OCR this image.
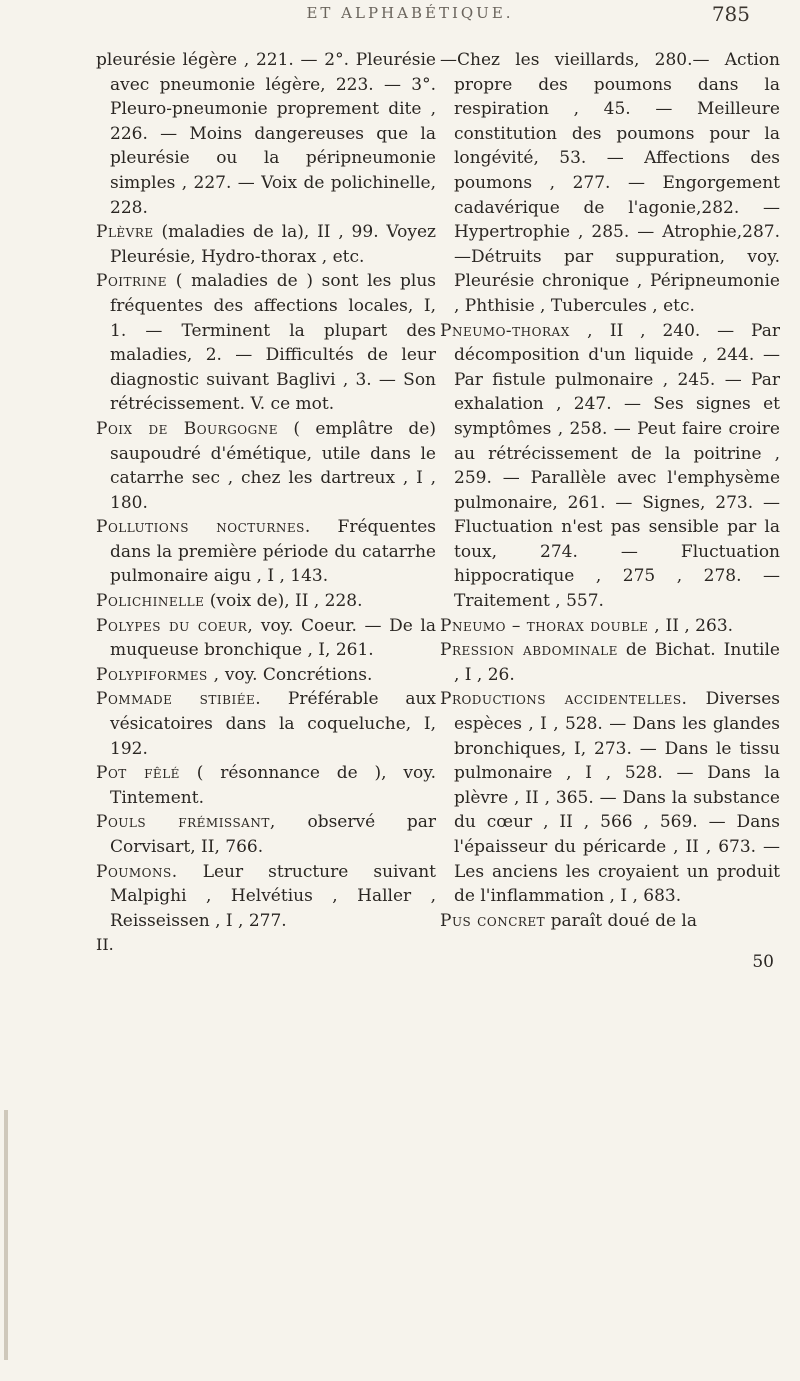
ET ALPHABÉTIQUE.	785

pleurésie légère , 221. — 2°. Pleurésie avec pneumonie légère, 223. — 3°. Pleuro-pneumonie proprement dite , 226. — Moins dangereuses que la pleurésie ou la péripneumonie simples , 227. — Voix de polichinelle, 228.

Plèvre (maladies de la), II , 99. Voyez Pleurésie, Hydro-thorax , etc.

Poitrine ( maladies de ) sont les plus fréquentes des affections locales, I, 1. — Terminent la plupart des maladies, 2. — Difficultés de leur diagnostic suivant Baglivi , 3. — Son rétrécissement. V. ce mot.

Poix de Bourgogne ( emplâtre de) saupoudré d'émétique, utile dans le catarrhe sec , chez les dartreux , I , 180.

Pollutions nocturnes. Fréquentes dans la première période du catarrhe pulmonaire aigu , I , 143.

Polichinelle (voix de), II , 228.

Polypes du coeur, voy. Coeur. — De la muqueuse bronchique , I, 261.

Polypiformes , voy. Concrétions.

Pommade stibiée. Préférable aux vésicatoires dans la coqueluche, I, 192.

Pot fêlé ( résonnance de ), voy. Tintement.

Pouls frémissant, observé par Corvisart, II, 766.

Poumons. Leur structure suivant Malpighi , Helvétius , Haller , Reisseissen , I , 277.

II.

—Chez les vieillards, 280.— Action propre des poumons dans la respiration , 45. — Meilleure constitution des poumons pour la longévité, 53. — Affections des poumons , 277. — Engorgement cadavérique de l'agonie,282. — Hypertrophie , 285. — Atrophie,287.—Détruits par suppuration, voy. Pleurésie chronique , Péripneumonie , Phthisie , Tubercules , etc.

Pneumo-thorax , II , 240. — Par décomposition d'un liquide , 244. — Par fistule pulmonaire , 245. — Par exhalation , 247. — Ses signes et symptômes , 258. — Peut faire croire au rétrécissement de la poitrine , 259. — Parallèle avec l'emphysème pulmonaire, 261. — Signes, 273. — Fluctuation n'est pas sensible par la toux, 274. — Fluctuation hippocratique , 275 , 278. — Traitement , 557.

Pneumo – thorax double , II , 263.

Pression abdominale de Bichat. Inutile , I , 26.

Productions accidentelles. Diverses espèces , I , 528. — Dans les glandes bronchiques, I, 273. — Dans le tissu pulmonaire , I , 528. — Dans la plèvre , II , 365. — Dans la substance du cœur , II , 566 , 569. — Dans l'épaisseur du péricarde , II , 673. — Les anciens les croyaient un produit de l'inflammation , I , 683.

Pus concret paraît doué de la

50
